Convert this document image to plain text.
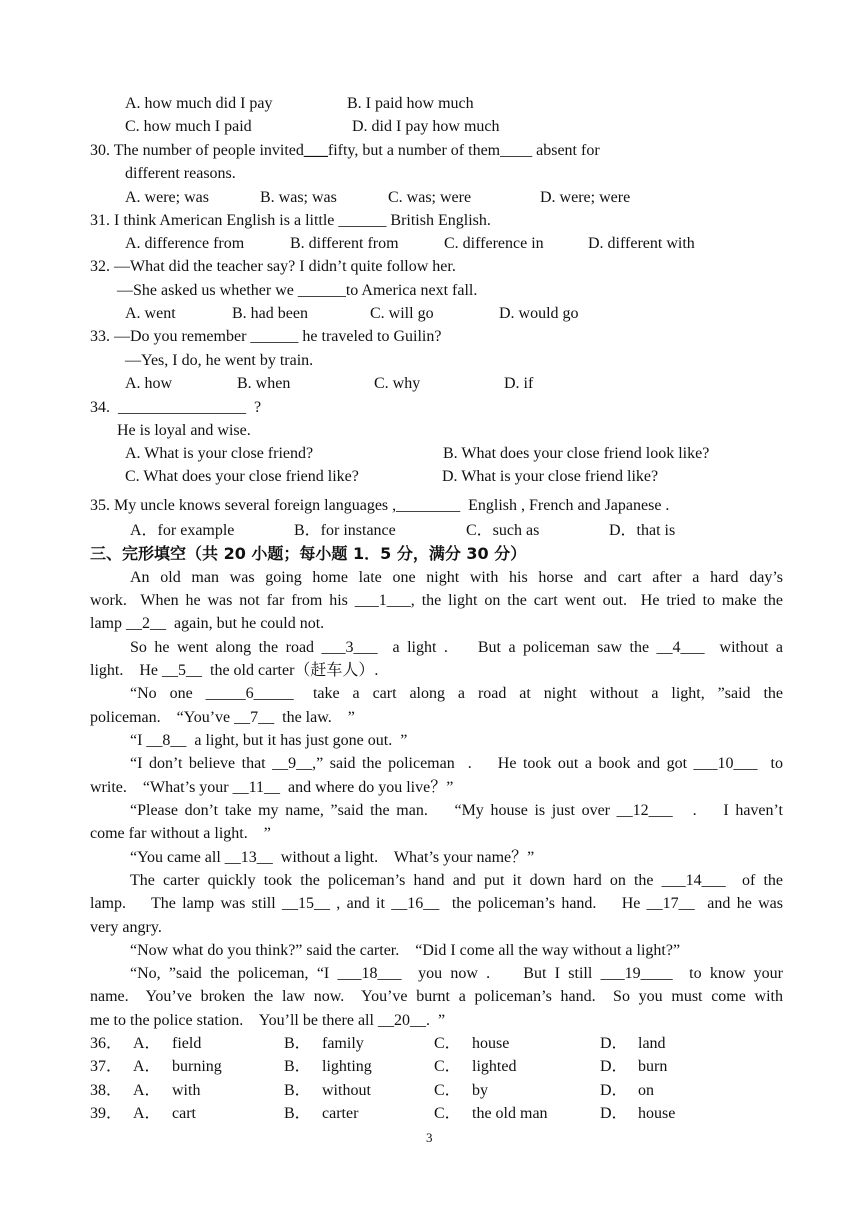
A. how much did I pay	B. I paid how much
C. how much I paid	D. did I pay how much
30. The number of people invited___fifty, but a number of them____ absent for
different reasons.
A. were; was	B. was; was	C. was; were	D. were; were
31. I think American English is a little ______ British English.
A. difference from	B. different from	C. difference in	D. different with
32. —What did the teacher say? I didn’t quite follow her.
—She asked us whether we ______to America next fall.
A. went	B. had been	C. will go	D. would go
33. —Do you remember ______ he traveled to Guilin?
—Yes, I do, he went by train.
A. how	B. when	C. why	D. if
34.  ________________  ?
He is loyal and wise.
A. What is your close friend?	B. What does your close friend look like?
C. What does your close friend like?	D. What is your close friend like?
35. My uncle knows several foreign languages ,________  English , French and Japanese .
A．for example	B．for instance	C．such as	D．that is
三、完形填空（共 20 小题；每小题 1．5 分，满分 30 分）
An old man was going home late one night with his horse and cart after a hard day’s
work.  When he was not far from his ___1___, the light on the cart went out.  He tried to make the
lamp __2__  again, but he could not.
So he went along the road ___3___  a light .    But a policeman saw the __4___  without a
light.    He __5__  the old carter（赶车人）.
“No  one  _____6_____   take  a  cart  along  a  road  at  night  without  a  light,  ”said  the
policeman.    “You’ve __7__  the law.    ”
“I __8__  a light, but it has just gone out.  ”
“I don’t believe that __9__,” said the policeman  .    He took out a book and got ___10___  to
write.    “What’s your __11__  and where do you live？”
“Please don’t take my name, ”said the man.    “My house is just over __12___   .    I haven’t
come far without a light.    ”
“You came all __13__  without a light.    What’s your name？”
The carter quickly took the policeman’s hand and put it down hard on the ___14___  of the
lamp.    The lamp was still __15__ , and it __16__  the policeman’s hand.    He __17__  and he was
very angry.
“Now what do you think?” said the carter.    “Did I come all the way without a light?”
“No, ”said the policeman, “I ___18___  you now .    But I still ___19____  to know your
name.  You’ve broken the law now.  You’ve burnt a policeman’s hand.  So you must come with
me to the police station.    You’ll be there all __20__.  ”
36． A． field	B． family	C． house	D． land
37． A． burning	B． lighting	C． lighted	D． burn
38． A． with	B． without	C． by	D． on
39． A． cart	B． carter	C． the old man	D． house
3
